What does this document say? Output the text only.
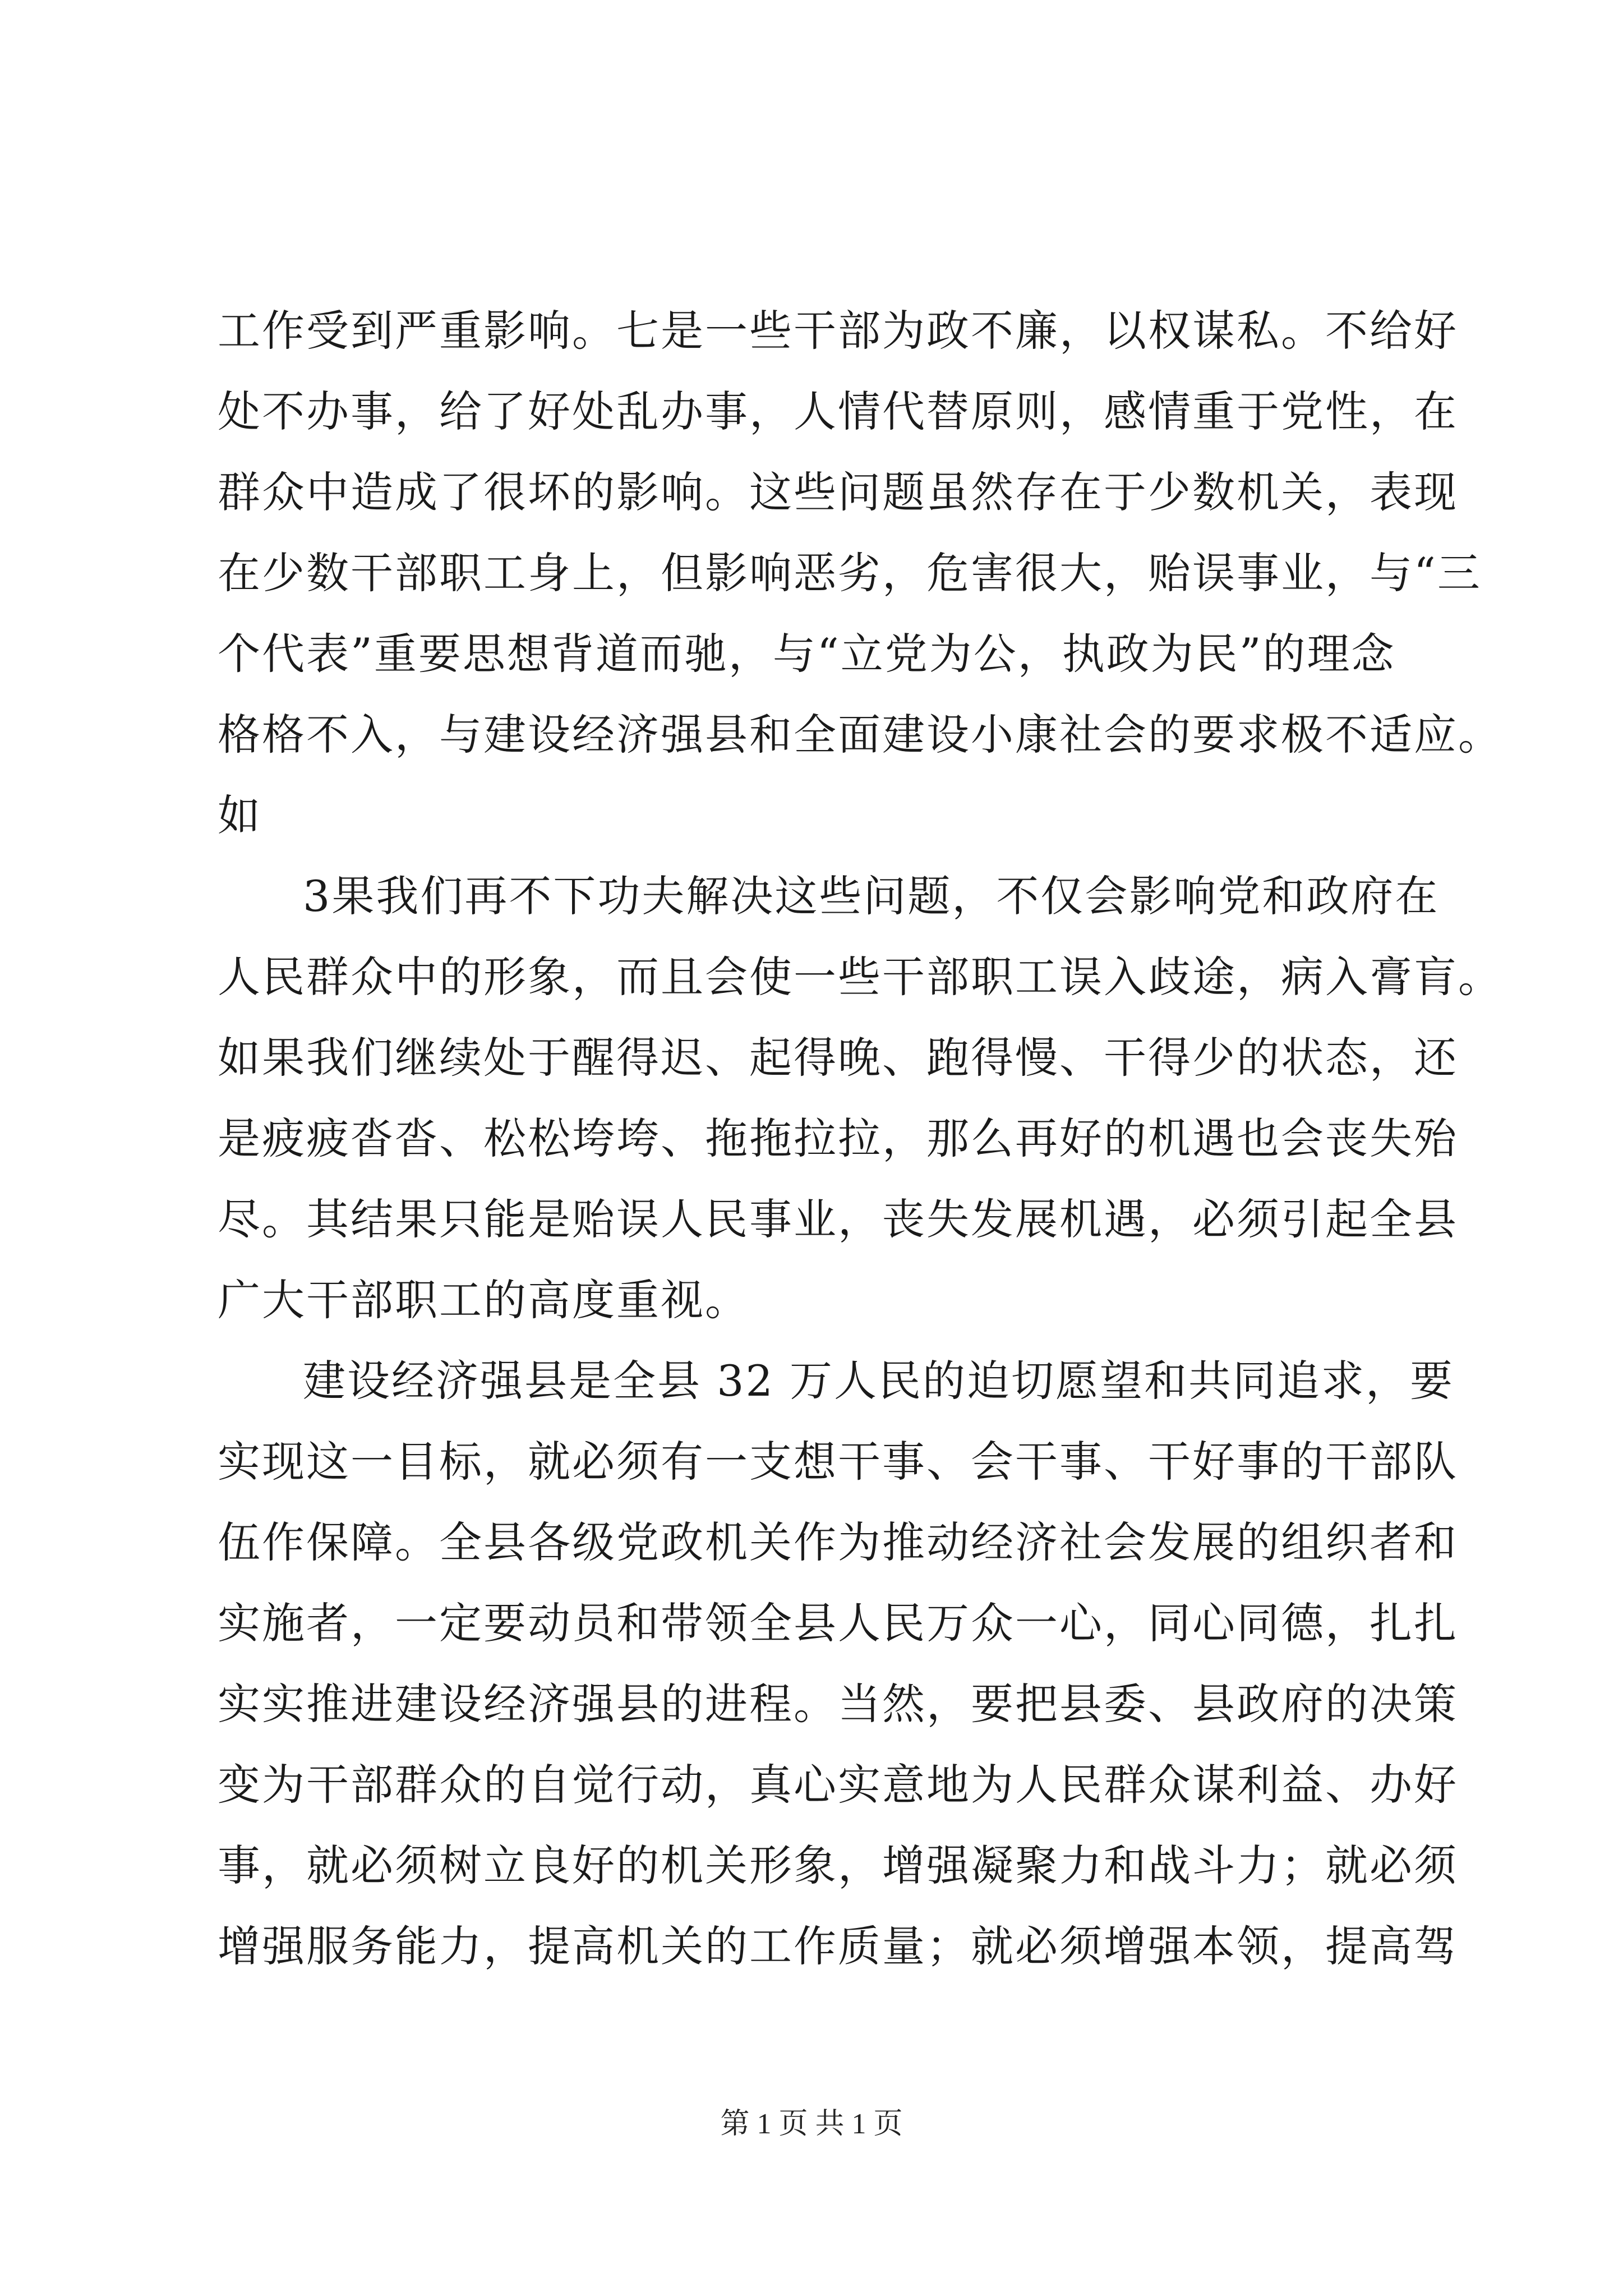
工作受到严重影响。七是一些干部为政不廉，以权谋私。不给好
处不办事，给了好处乱办事，人情代替原则，感情重于党性，在
群众中造成了很坏的影响。这些问题虽然存在于少数机关，表现
在少数干部职工身上，但影响恶劣，危害很大，贻误事业，与“三
个代表”重要思想背道而驰，与“立党为公，执政为民”的理念
格格不入，与建设经济强县和全面建设小康社会的要求极不适应。
如
3果我们再不下功夫解决这些问题，不仅会影响党和政府在
人民群众中的形象，而且会使一些干部职工误入歧途，病入膏肓。
如果我们继续处于醒得迟、起得晚、跑得慢、干得少的状态，还
是疲疲沓沓、松松垮垮、拖拖拉拉，那么再好的机遇也会丧失殆
尽。其结果只能是贻误人民事业，丧失发展机遇，必须引起全县
广大干部职工的高度重视。
建设经济强县是全县 32 万人民的迫切愿望和共同追求，要
实现这一目标，就必须有一支想干事、会干事、干好事的干部队
伍作保障。全县各级党政机关作为推动经济社会发展的组织者和
实施者，一定要动员和带领全县人民万众一心，同心同德，扎扎
实实推进建设经济强县的进程。当然，要把县委、县政府的决策
变为干部群众的自觉行动，真心实意地为人民群众谋利益、办好
事，就必须树立良好的机关形象，增强凝聚力和战斗力；就必须
增强服务能力，提高机关的工作质量；就必须增强本领，提高驾
第 1 页 共 1 页
